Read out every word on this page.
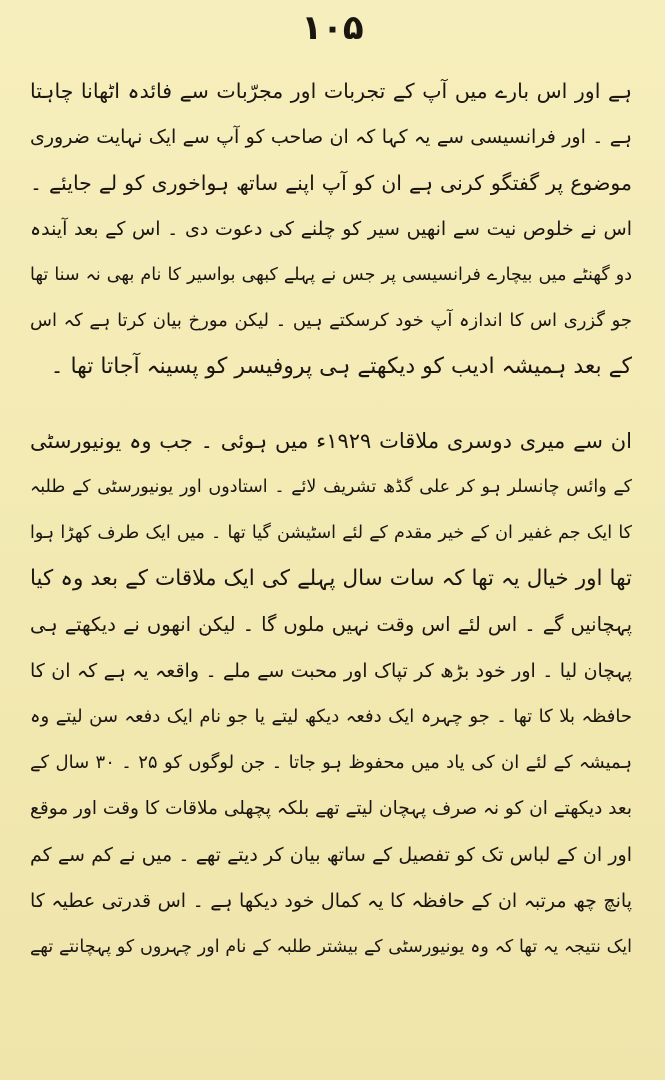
۱۰۵
ہے اور اس بارے میں آپ کے تجربات اور مجرّبات سے فائدہ اٹھانا چاہتا
ہے ۔ اور فرانسیسی سے یہ کہا کہ ان صاحب کو آپ سے ایک نہایت ضروری
موضوع پر گفتگو کرنی ہے ان کو آپ اپنے ساتھ ہواخوری کو لے جایئے ۔
اس نے خلوص نیت سے انھیں سیر کو چلنے کی دعوت دی ۔ اس کے بعد آیندہ
دو گھنٹے میں بیچارے فرانسیسی پر جس نے پہلے کبھی بواسیر کا نام بھی نہ سنا تھا
جو گزری اس کا اندازہ آپ خود کرسکتے ہیں ۔ لیکن مورخ بیان کرتا ہے کہ اس
کے بعد ہمیشہ ادیب کو دیکھتے ہی پروفیسر کو پسینہ آجاتا تھا ۔
ان سے میری دوسری ملاقات ۱۹۲۹ء میں ہوئی ۔ جب وہ یونیورسٹی
کے وائس چانسلر ہو کر علی گڈھ تشریف لائے ۔ استادوں اور یونیورسٹی کے طلبہ
کا ایک جم غفیر ان کے خیر مقدم کے لئے اسٹیشن گیا تھا ۔ میں ایک طرف کھڑا ہوا
تھا اور خیال یہ تھا کہ سات سال پہلے کی ایک ملاقات کے بعد وہ کیا
پہچانیں گے ۔ اس لئے اس وقت نہیں ملوں گا ۔ لیکن انھوں نے دیکھتے ہی
پہچان لیا ۔ اور خود بڑھ کر تپاک اور محبت سے ملے ۔ واقعہ یہ ہے کہ ان کا
حافظہ بلا کا تھا ۔ جو چہرہ ایک دفعہ دیکھ لیتے یا جو نام ایک دفعہ سن لیتے وہ
ہمیشہ کے لئے ان کی یاد میں محفوظ ہو جاتا ۔ جن لوگوں کو ۲۵ ۔ ۳۰ سال کے
بعد دیکھتے ان کو نہ صرف پہچان لیتے تھے بلکہ پچھلی ملاقات کا وقت اور موقع
اور ان کے لباس تک کو تفصیل کے ساتھ بیان کر دیتے تھے ۔ میں نے کم سے کم
پانچ چھ مرتبہ ان کے حافظہ کا یہ کمال خود دیکھا ہے ۔ اس قدرتی عطیہ کا
ایک نتیجہ یہ تھا کہ وہ یونیورسٹی کے بیشتر طلبہ کے نام اور چہروں کو پہچانتے تھے
